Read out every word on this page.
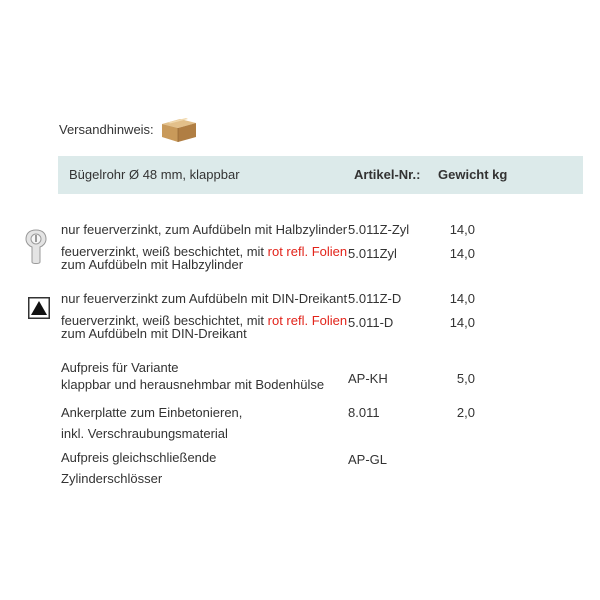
Versandhinweis:
Bügelrohr Ø 48 mm, klappbar	Artikel-Nr.: Gewicht kg
nur feuerverzinkt, zum Aufdübeln mit Halbzylinder 5.011Z-Zyl	14,0
feuerverzinkt, weiß beschichtet, mit rot refl. Folien
zum Aufdübeln mit Halbzylinder
5.011Zyl	14,0
nur feuerverzinkt zum Aufdübeln mit DIN-Dreikant 5.011Z-D	14,0
feuerverzinkt, weiß beschichtet, mit rot refl. Folien
zum Aufdübeln mit DIN-Dreikant
5.011-D	14,0
Aufpreis für Variante
klappbar und herausnehmbar mit Bodenhülse AP-KH	5,0
Ankerplatte zum Einbetonieren,
inkl. Verschraubungsmaterial
8.011	2,0
Aufpreis gleichschließende
Zylinderschlösser
AP-GL
